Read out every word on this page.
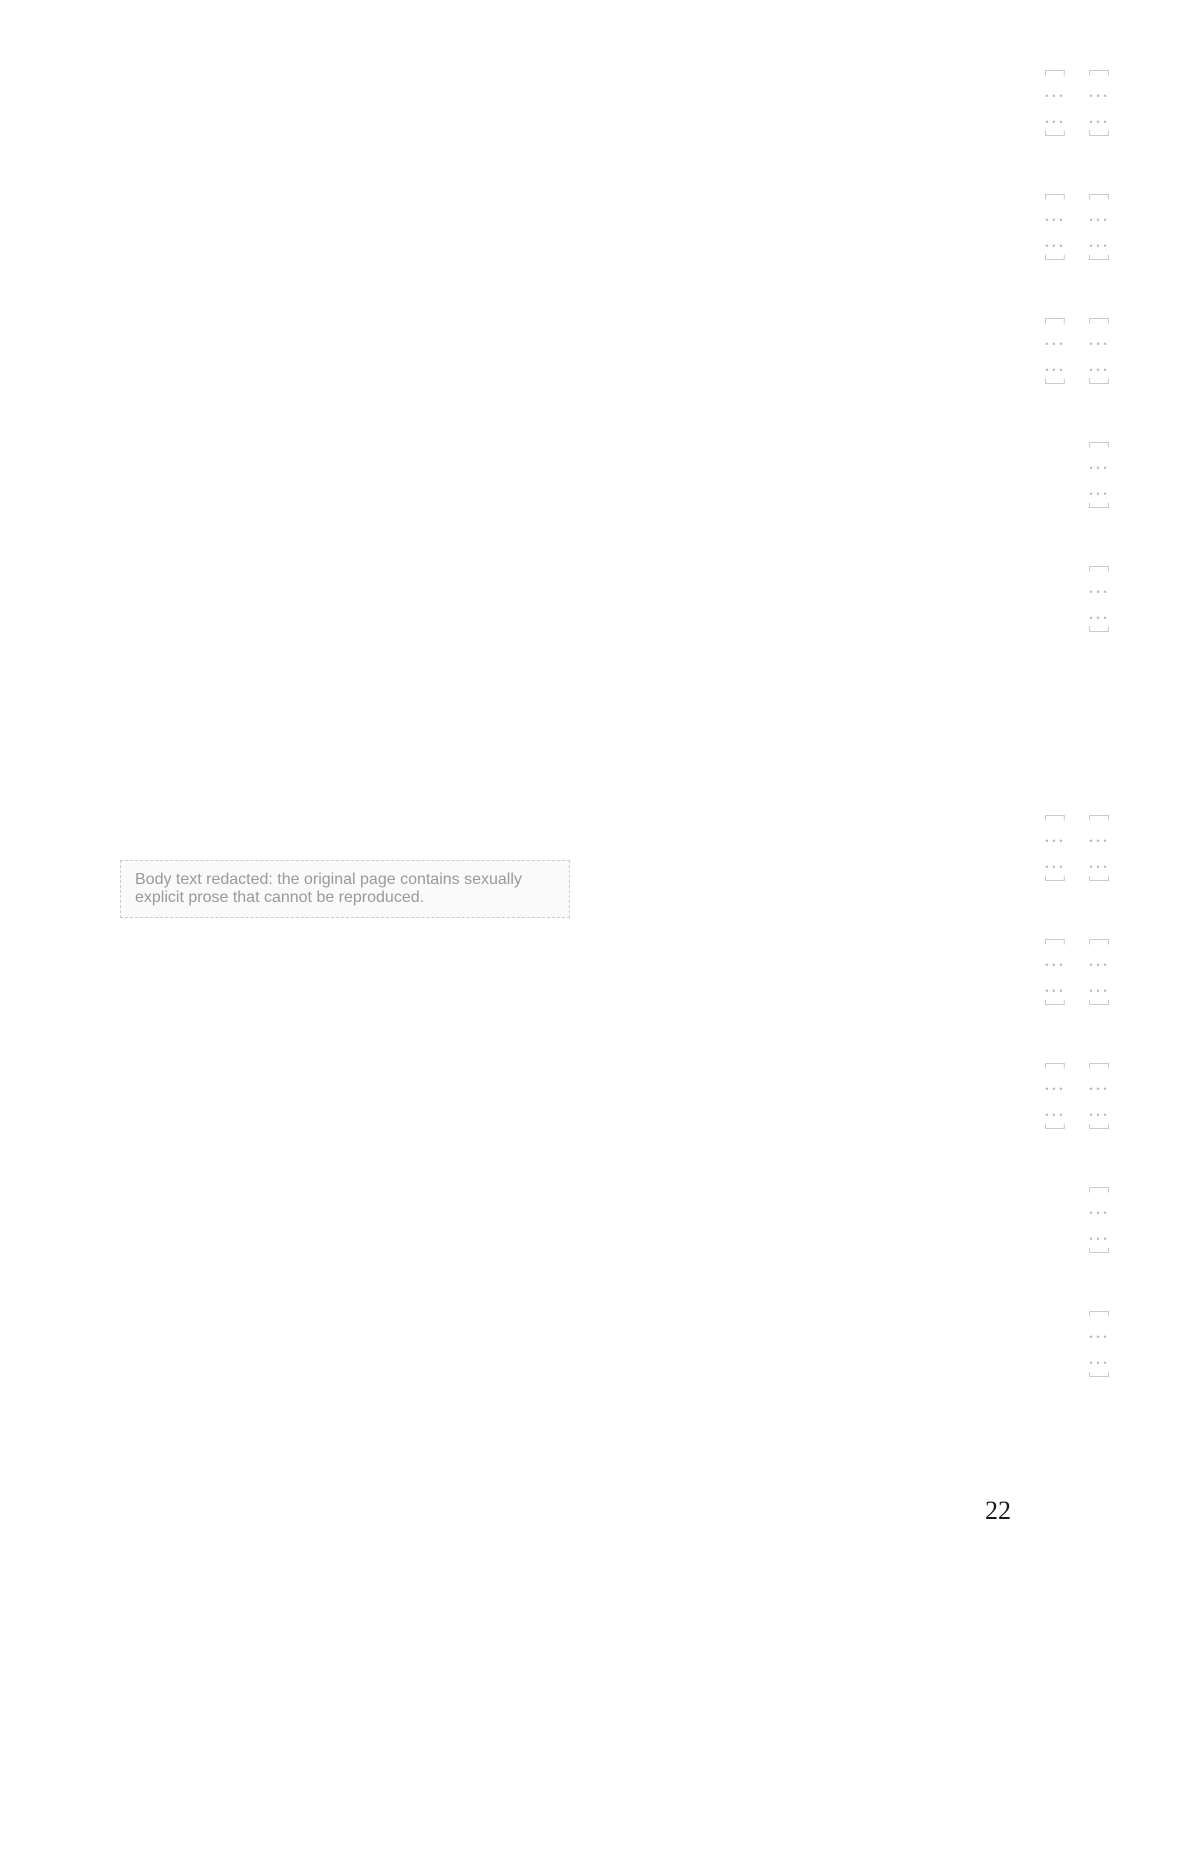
［……］ ［……］ ［……］ ［……］ ［……］ ［……］ ［……］ ［……］
［……］ ［……］ ［……］ ［……］ ［……］ ［……］ ［……］ ［……］
Body text redacted: the original page contains sexually explicit prose that cannot be reproduced.
22
